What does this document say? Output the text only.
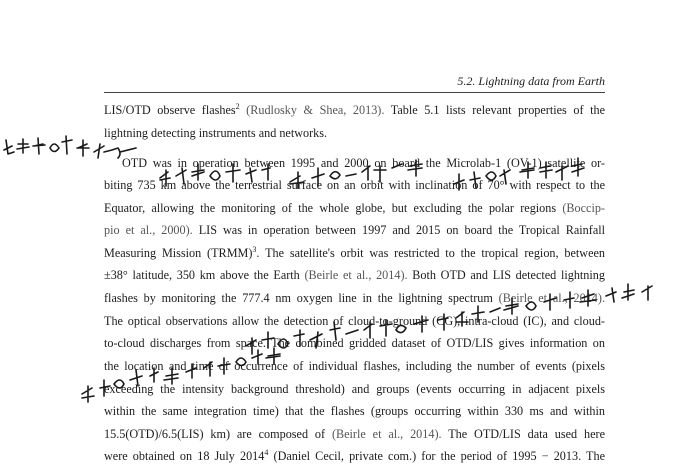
5.2. Lightning data from Earth
LIS/OTD observe flashes$^2$ (Rudlosky & Shea, 2013). Table 5.1 lists relevant properties of the
lightning detecting instruments and networks.
OTD was in operation between 1995 and 2000 on board the Microlab-1 (OV-1) satellite or-
biting 735 km above the terrestrial surface on an orbit with inclination of 70° with respect to the
Equator, allowing the monitoring of the whole globe, but excluding the polar regions (Boccip-
pio et al., 2000). LIS was in operation between 1997 and 2015 on board the Tropical Rainfall
Measuring Mission (TRMM)$^3$. The satellite's orbit was restricted to the tropical region, between
±38° latitude, 350 km above the Earth (Beirle et al., 2014). Both OTD and LIS detected lightning
flashes by monitoring the 777.4 nm oxygen line in the lightning spectrum (Beirle et al., 2014).
The optical observations allow the detection of cloud-to-ground (CG), intra-cloud (IC), and cloud-
to-cloud discharges from space. The combined gridded dataset of OTD/LIS gives information on
the location and time of occurrence of individual flashes, including the number of events (pixels
exceeding the intensity background threshold) and groups (events occurring in adjacent pixels
within the same integration time) that the flashes (groups occurring within 330 ms and within
15.5(OTD)/6.5(LIS) km) are composed of (Beirle et al., 2014). The OTD/LIS data used here
were obtained on 18 July 2014$^4$ (Daniel Cecil, private com.) for the period of 1995 − 2013. The
